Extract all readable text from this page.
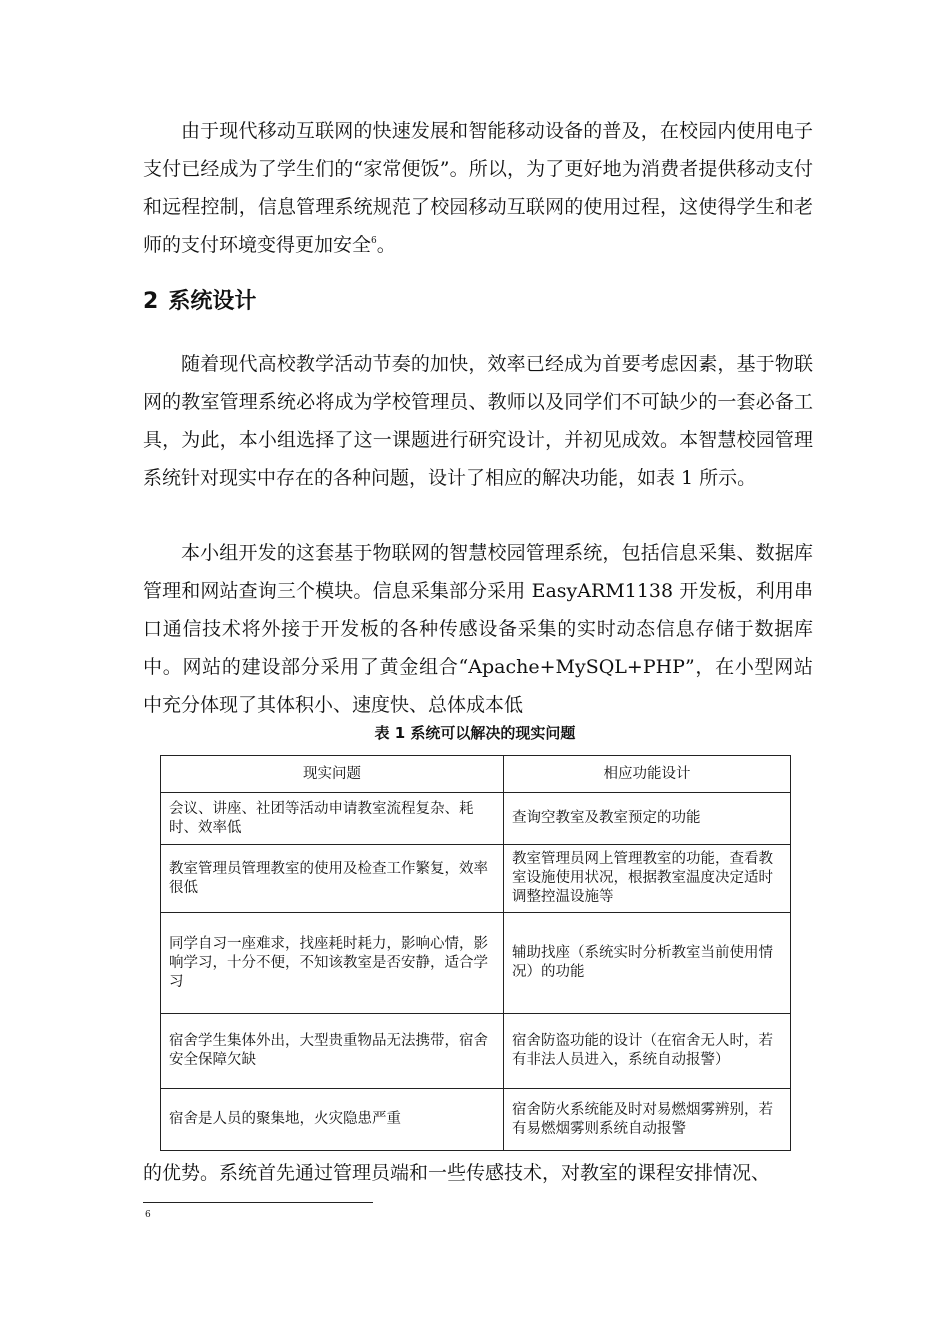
由于现代移动互联网的快速发展和智能移动设备的普及，在校园内使用电子支付已经成为了学生们的“家常便饭”。所以，为了更好地为消费者提供移动支付和远程控制，信息管理系统规范了校园移动互联网的使用过程，这使得学生和老师的支付环境变得更加安全$^6$。

2 系统设计

随着现代高校教学活动节奏的加快，效率已经成为首要考虑因素，基于物联网的教室管理系统必将成为学校管理员、教师以及同学们不可缺少的一套必备工具，为此，本小组选择了这一课题进行研究设计，并初见成效。本智慧校园管理系统针对现实中存在的各种问题，设计了相应的解决功能，如表 1 所示。

本小组开发的这套基于物联网的智慧校园管理系统，包括信息采集、数据库管理和网站查询三个模块。信息采集部分采用 EasyARM1138 开发板，利用串口通信技术将外接于开发板的各种传感设备采集的实时动态信息存储于数据库中。网站的建设部分采用了黄金组合“Apache+MySQL+PHP”，在小型网站中充分体现了其体积小、速度快、总体成本低

表 1 系统可以解决的现实问题
现实问题	相应功能设计
会议、讲座、社团等活动申请教室流程复杂、耗时、效率低	查询空教室及教室预定的功能
教室管理员管理教室的使用及检查工作繁复，效率很低	教室管理员网上管理教室的功能，查看教室设施使用状况，根据教室温度决定适时调整控温设施等
同学自习一座难求，找座耗时耗力，影响心情，影响学习，十分不便，不知该教室是否安静，适合学习	辅助找座（系统实时分析教室当前使用情况）的功能
宿舍学生集体外出，大型贵重物品无法携带，宿舍安全保障欠缺	宿舍防盗功能的设计（在宿舍无人时，若有非法人员进入，系统自动报警）
宿舍是人员的聚集地，火灾隐患严重	宿舍防火系统能及时对易燃烟雾辨别，若有易燃烟雾则系统自动报警

的优势。系统首先通过管理员端和一些传感技术，对教室的课程安排情况、

6
